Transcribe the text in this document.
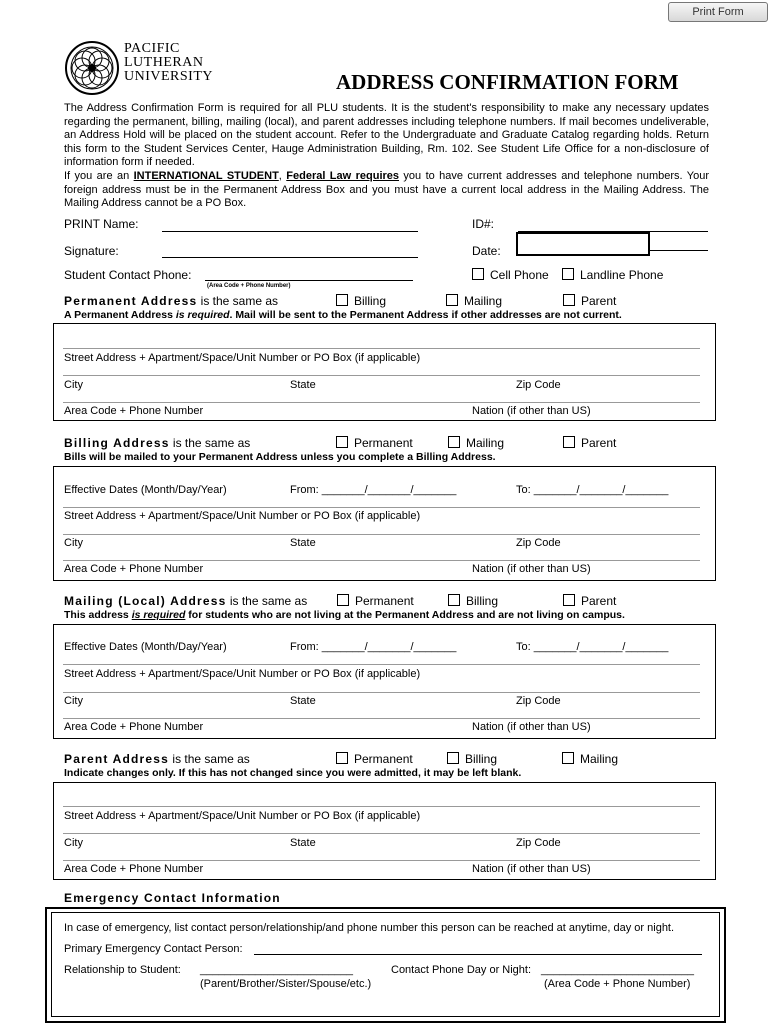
Print Form
PACIFIC
LUTHERAN
UNIVERSITY	ADDRESS CONFIRMATION FORM
The Address Confirmation Form is required for all PLU students. It is the student's responsibility to make any necessary updates regarding the permanent, billing, mailing (local), and parent addresses including telephone numbers. If mail becomes undeliverable, an Address Hold will be placed on the student account. Refer to the Undergraduate and Graduate Catalog regarding holds. Return this form to the Student Services Center, Hauge Administration Building, Rm. 102. See Student Life Office for a non-disclosure of information form if needed.
If you are an INTERNATIONAL STUDENT, Federal Law requires you to have current addresses and telephone numbers. Your foreign address must be in the Permanent Address Box and you must have a current local address in the Mailing Address. The Mailing Address cannot be a PO Box.
PRINT Name:	ID#:
Signature:	Date:
Student Contact Phone:
(Area Code + Phone Number)
Cell Phone	Landline Phone
Permanent Address is the same as	Billing	Mailing	Parent
A Permanent Address is required. Mail will be sent to the Permanent Address if other addresses are not current.
Street Address + Apartment/Space/Unit Number or PO Box (if applicable)
City	State	Zip Code
Area Code + Phone Number	Nation (if other than US)
Billing Address is the same as	Permanent	Mailing	Parent
Bills will be mailed to your Permanent Address unless you complete a Billing Address.
Effective Dates (Month/Day/Year)	From: _______/_______/_______	To: _______/_______/_______
Street Address + Apartment/Space/Unit Number or PO Box (if applicable)
City	State	Zip Code
Area Code + Phone Number	Nation (if other than US)
Mailing (Local) Address is the same as	Permanent	Billing	Parent
This address is required for students who are not living at the Permanent Address and are not living on campus.
Effective Dates (Month/Day/Year)	From: _______/_______/_______	To: _______/_______/_______
Street Address + Apartment/Space/Unit Number or PO Box (if applicable)
City	State	Zip Code
Area Code + Phone Number	Nation (if other than US)
Parent Address is the same as	Permanent	Billing	Mailing
Indicate changes only. If this has not changed since you were admitted, it may be left blank.
Street Address + Apartment/Space/Unit Number or PO Box (if applicable)
City	State	Zip Code
Area Code + Phone Number	Nation (if other than US)
Emergency Contact Information
In case of emergency, list contact person/relationship/and phone number this person can be reached at anytime, day or night.
Primary Emergency Contact Person:
Relationship to Student: _________________________	Contact Phone Day or Night: _________________________
(Parent/Brother/Sister/Spouse/etc.)	(Area Code + Phone Number)
